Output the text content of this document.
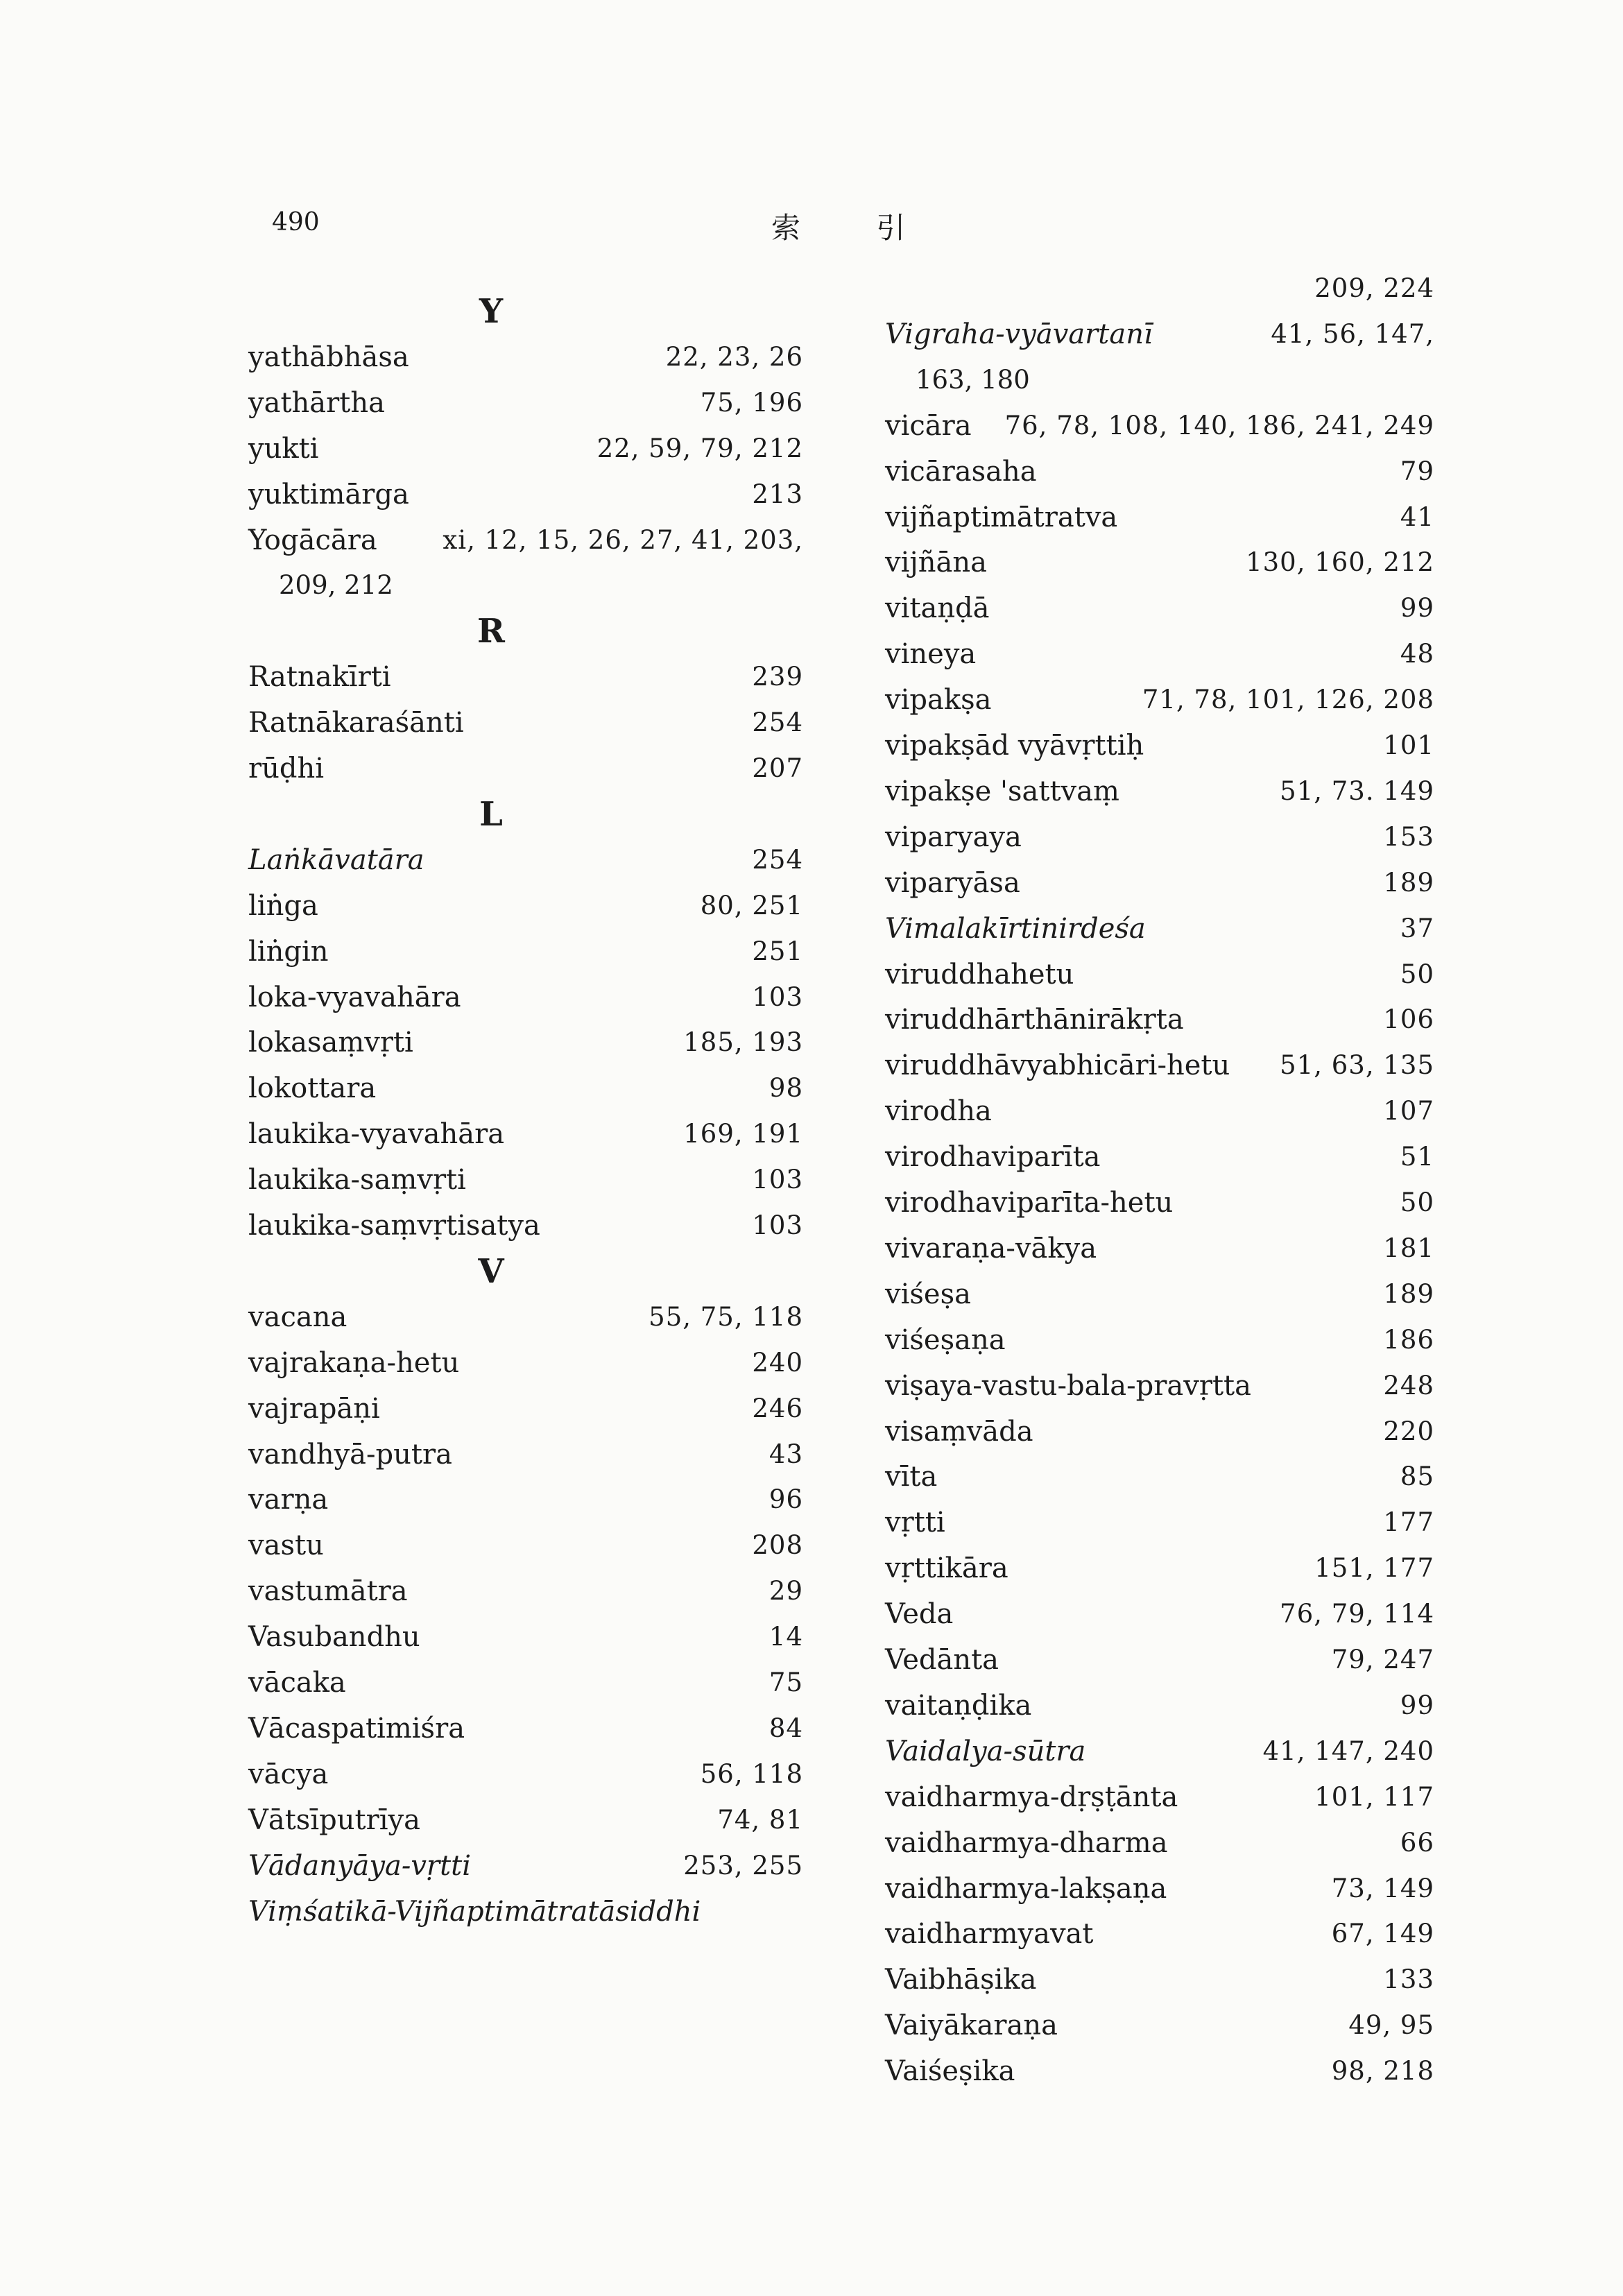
490	索 引
Y
yathābhāsa	22, 23, 26
yathārtha	75, 196
yukti	22, 59, 79, 212
yuktimārga	213
Yogācāra	xi, 12, 15, 26, 27, 41, 203,
209, 212
R
Ratnakīrti	239
Ratnākaraśānti	254
rūḍhi	207
L
Laṅkāvatāra	254
liṅga	80, 251
liṅgin	251
loka-vyavahāra	103
lokasaṃvṛti	185, 193
lokottara	98
laukika-vyavahāra	169, 191
laukika-saṃvṛti	103
laukika-saṃvṛtisatya	103
V
vacana	55, 75, 118
vajrakaṇa-hetu	240
vajrapāṇi	246
vandhyā-putra	43
varṇa	96
vastu	208
vastumātra	29
Vasubandhu	14
vācaka	75
Vācaspatimiśra	84
vācya	56, 118
Vātsīputrīya	74, 81
Vādanyāya-vṛtti	253, 255
Viṃśatikā-Vijñaptimātratāsiddhi
209, 224
Vigraha-vyāvartanī	41, 56, 147,
163, 180
vicāra 76, 78, 108, 140, 186, 241, 249
vicārasaha	79
vijñaptimātratva	41
vijñāna	130, 160, 212
vitaṇḍā	99
vineya	48
vipakṣa	71, 78, 101, 126, 208
vipakṣād vyāvṛttiḥ	101
vipakṣe 'sattvaṃ	51, 73. 149
viparyaya	153
viparyāsa	189
Vimalakīrtinirdeśa	37
viruddhahetu	50
viruddhārthānirākṛta	106
viruddhāvyabhicāri-hetu 51, 63, 135
virodha	107
virodhaviparīta	51
virodhaviparīta-hetu	50
vivaraṇa-vākya	181
viśeṣa	189
viśeṣaṇa	186
viṣaya-vastu-bala-pravṛtta	248
visaṃvāda	220
vīta	85
vṛtti	177
vṛttikāra	151, 177
Veda	76, 79, 114
Vedānta	79, 247
vaitaṇḍika	99
Vaidalya-sūtra	41, 147, 240
vaidharmya-dṛṣṭānta	101, 117
vaidharmya-dharma	66
vaidharmya-lakṣaṇa	73, 149
vaidharmyavat	67, 149
Vaibhāṣika	133
Vaiyākaraṇa	49, 95
Vaiśeṣika	98, 218
